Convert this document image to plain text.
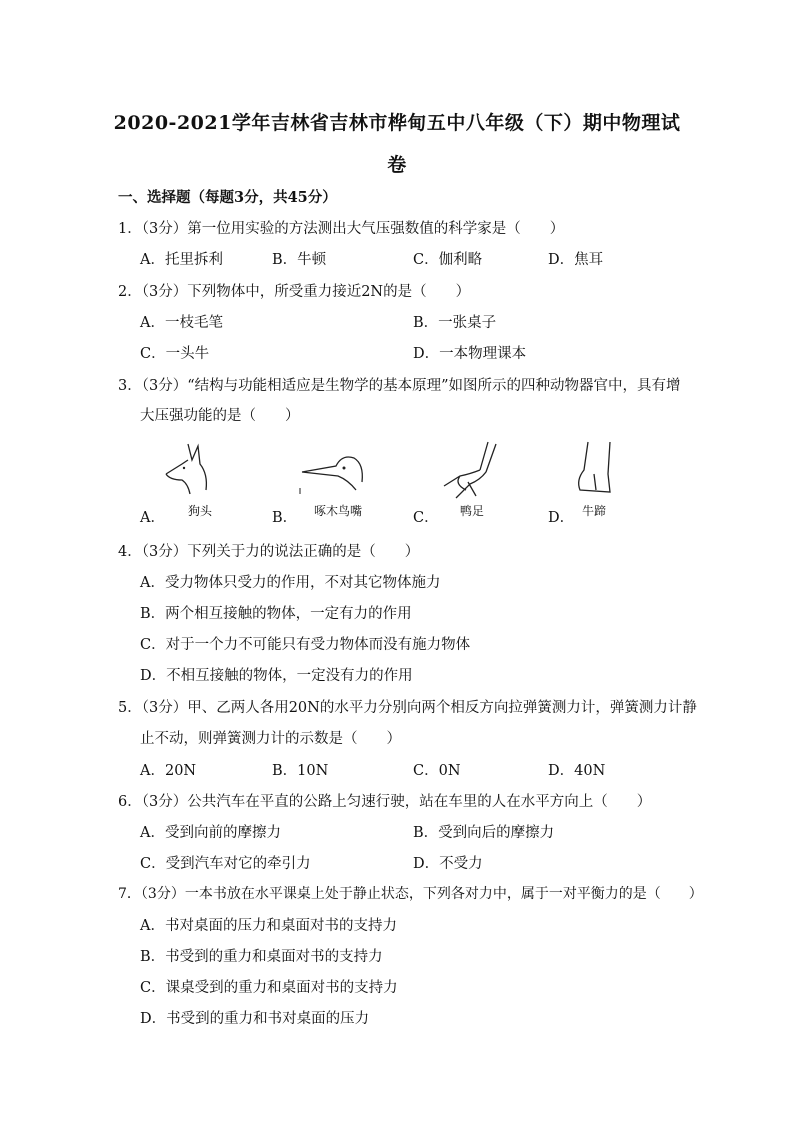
2020-2021学年吉林省吉林市桦甸五中八年级（下）期中物理试
卷
一、选择题（每题3分，共45分）
1．（3分）第一位用实验的方法测出大气压强数值的科学家是（　　）
A．托里拆利	B．牛顿	C．伽利略	D．焦耳
2．（3分）下列物体中，所受重力接近2N的是（　　）
A．一枝毛笔	B．一张桌子
C．一头牛	D．一本物理课本
3．（3分）“结构与功能相适应是生物学的基本原理”如图所示的四种动物器官中，具有增
大压强功能的是（　　）
A．	B．	C．	D．
狗头	啄木鸟嘴	鸭足	牛蹄
4．（3分）下列关于力的说法正确的是（　　）
A．受力物体只受力的作用，不对其它物体施力
B．两个相互接触的物体，一定有力的作用
C．对于一个力不可能只有受力物体而没有施力物体
D．不相互接触的物体，一定没有力的作用
5．（3分）甲、乙两人各用20N的水平力分别向两个相反方向拉弹簧测力计，弹簧测力计静
止不动，则弹簧测力计的示数是（　　）
A．20N	B．10N	C．0N	D．40N
6．（3分）公共汽车在平直的公路上匀速行驶，站在车里的人在水平方向上（　　）
A．受到向前的摩擦力	B．受到向后的摩擦力
C．受到汽车对它的牵引力	D．不受力
7．（3分）一本书放在水平课桌上处于静止状态，下列各对力中，属于一对平衡力的是（　　）
A．书对桌面的压力和桌面对书的支持力
B．书受到的重力和桌面对书的支持力
C．课桌受到的重力和桌面对书的支持力
D．书受到的重力和书对桌面的压力
